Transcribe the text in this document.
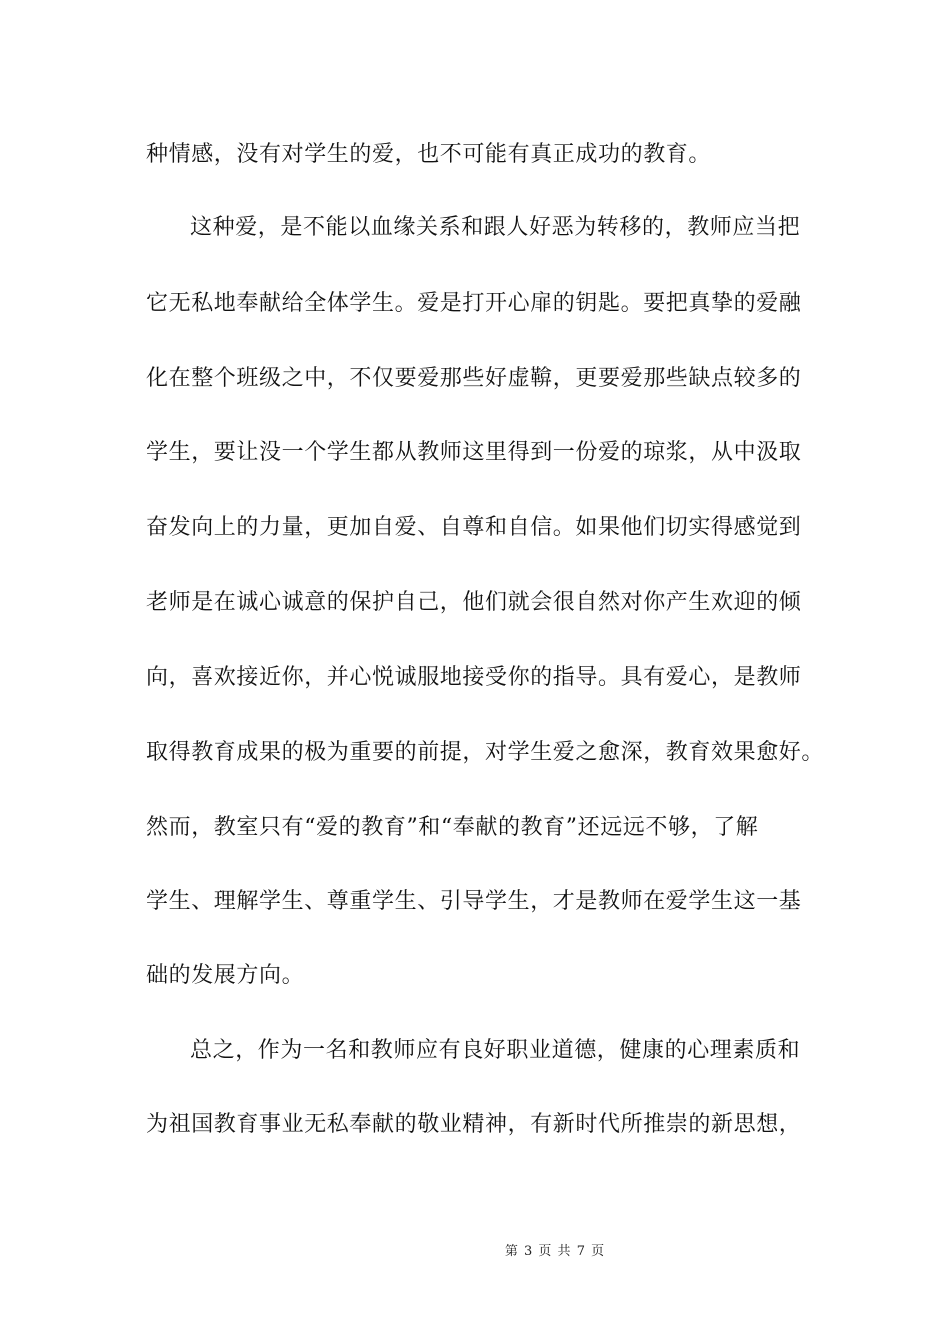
种情感，没有对学生的爱，也不可能有真正成功的教育。
这种爱，是不能以血缘关系和跟人好恶为转移的，教师应当把
它无私地奉献给全体学生。爱是打开心扉的钥匙。要把真挚的爱融
化在整个班级之中，不仅要爱那些好虚鞥，更要爱那些缺点较多的
学生，要让没一个学生都从教师这里得到一份爱的琼浆，从中汲取
奋发向上的力量，更加自爱、自尊和自信。如果他们切实得感觉到
老师是在诚心诚意的保护自己，他们就会很自然对你产生欢迎的倾
向，喜欢接近你，并心悦诚服地接受你的指导。具有爱心，是教师
取得教育成果的极为重要的前提，对学生爱之愈深，教育效果愈好。
然而，教室只有“爱的教育”和“奉献的教育”还远远不够，了解
学生、理解学生、尊重学生、引导学生，才是教师在爱学生这一基
础的发展方向。
总之，作为一名和教师应有良好职业道德，健康的心理素质和
为祖国教育事业无私奉献的敬业精神，有新时代所推崇的新思想，
第 3 页 共 7 页
